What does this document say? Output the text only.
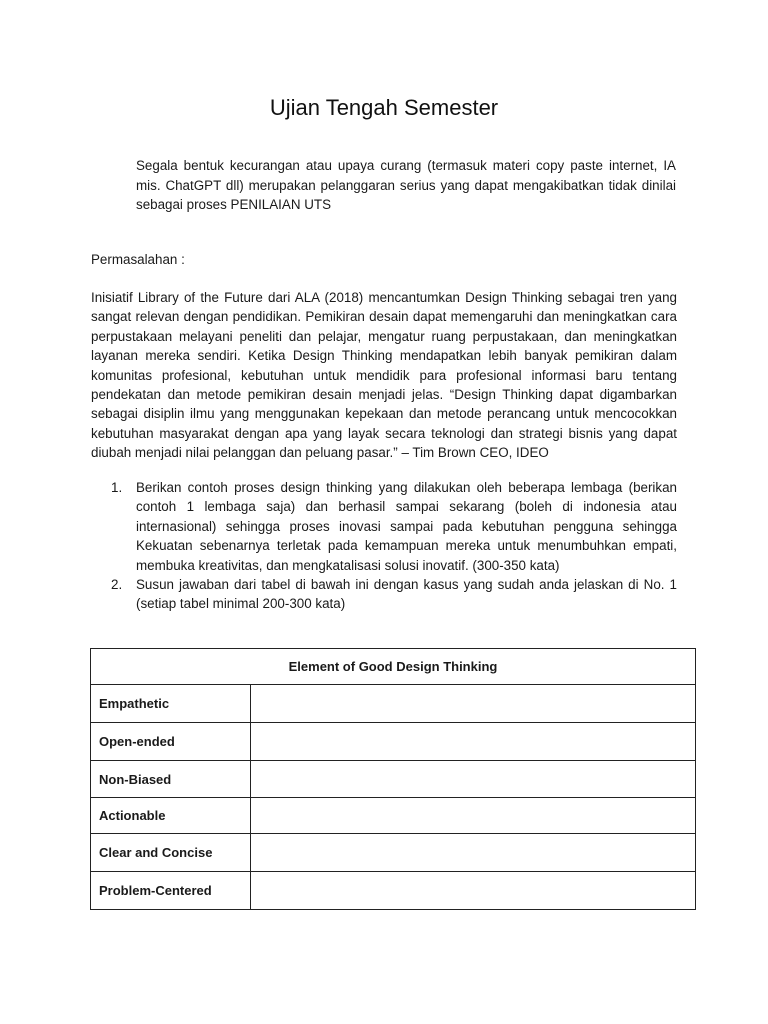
Ujian Tengah Semester

Segala bentuk kecurangan atau upaya curang (termasuk materi copy paste internet, IA mis. ChatGPT dll) merupakan pelanggaran serius yang dapat mengakibatkan tidak dinilai sebagai proses PENILAIAN UTS

Permasalahan :

Inisiatif Library of the Future dari ALA (2018) mencantumkan Design Thinking sebagai tren yang sangat relevan dengan pendidikan. Pemikiran desain dapat memengaruhi dan meningkatkan cara perpustakaan melayani peneliti dan pelajar, mengatur ruang perpustakaan, dan meningkatkan layanan mereka sendiri. Ketika Design Thinking mendapatkan lebih banyak pemikiran dalam komunitas profesional, kebutuhan untuk mendidik para profesional informasi baru tentang pendekatan dan metode pemikiran desain menjadi jelas. “Design Thinking dapat digambarkan sebagai disiplin ilmu yang menggunakan kepekaan dan metode perancang untuk mencocokkan kebutuhan masyarakat dengan apa yang layak secara teknologi dan strategi bisnis yang dapat diubah menjadi nilai pelanggan dan peluang pasar.” – Tim Brown CEO, IDEO

1. Berikan contoh proses design thinking yang dilakukan oleh beberapa lembaga (berikan contoh 1 lembaga saja) dan berhasil sampai sekarang (boleh di indonesia atau internasional) sehingga proses inovasi sampai pada kebutuhan pengguna sehingga Kekuatan sebenarnya terletak pada kemampuan mereka untuk menumbuhkan empati, membuka kreativitas, dan mengkatalisasi solusi inovatif. (300-350 kata)
2. Susun jawaban dari tabel di bawah ini dengan kasus yang sudah anda jelaskan di No. 1 (setiap tabel minimal 200-300 kata)
Element of Good Design Thinking	
Empathetic	
Open-ended	
Non-Biased	
Actionable	
Clear and Concise	
Problem-Centered	
